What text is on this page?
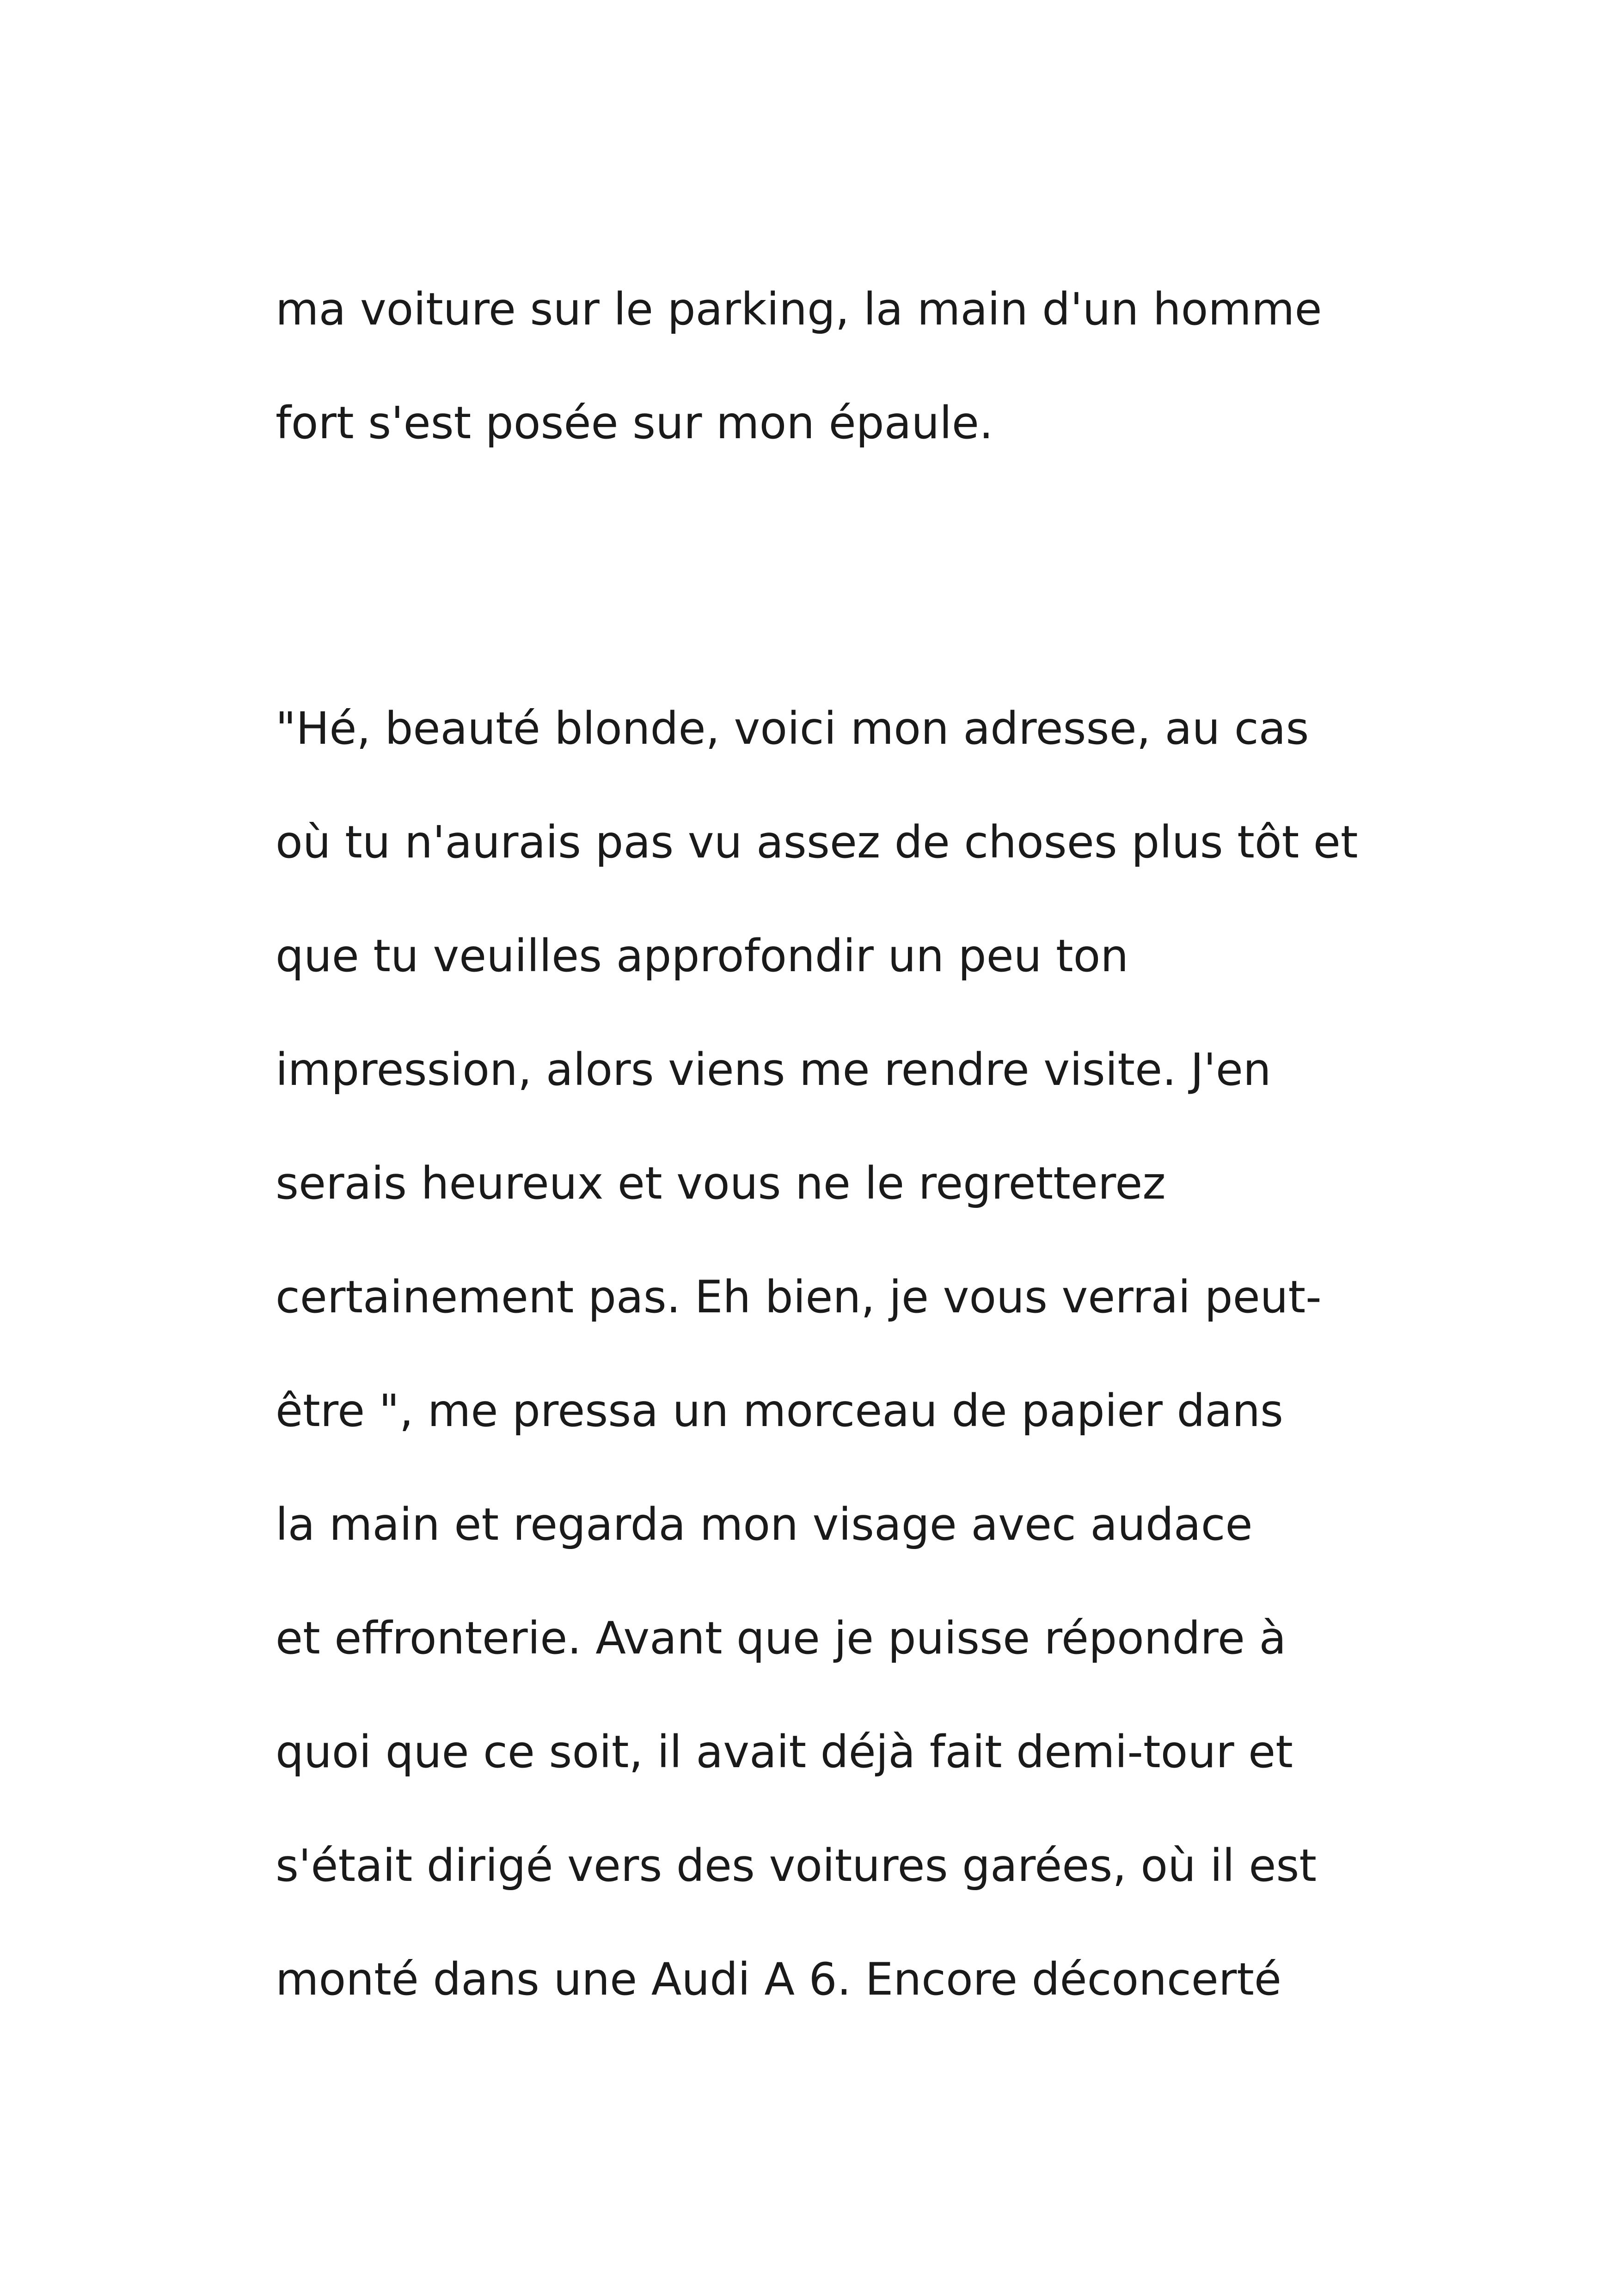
ma voiture sur le parking, la main d'un homme
fort s'est posée sur mon épaule.
"Hé, beauté blonde, voici mon adresse, au cas
où tu n'aurais pas vu assez de choses plus tôt et
que tu veuilles approfondir un peu ton
impression, alors viens me rendre visite. J'en
serais heureux et vous ne le regretterez
certainement pas. Eh bien, je vous verrai peut-
être ", me pressa un morceau de papier dans
la main et regarda mon visage avec audace
et effronterie. Avant que je puisse répondre à
quoi que ce soit, il avait déjà fait demi-tour et
s'était dirigé vers des voitures garées, où il est
monté dans une Audi A 6. Encore déconcerté
